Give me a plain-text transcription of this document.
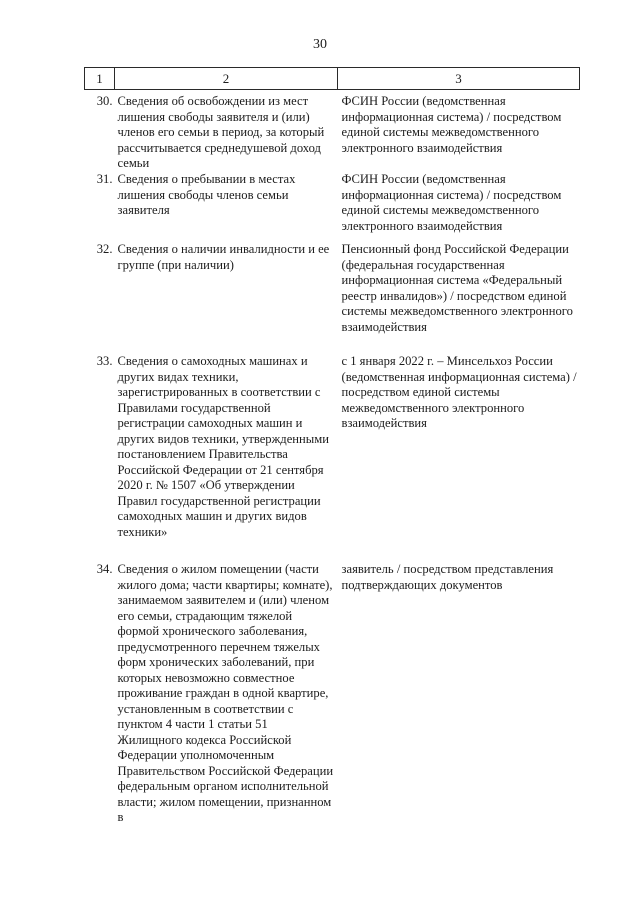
30
1	2	3
30.	Сведения об освобождении из мест лишения свободы заявителя и (или) членов его семьи в период, за который рассчитывается среднедушевой доход семьи	ФСИН России (ведомственная информационная система) / посредством единой системы межведомственного электронного взаимодействия
31.	Сведения о пребывании в местах лишения свободы членов семьи заявителя	ФСИН России (ведомственная информационная система) / посредством единой системы межведомственного электронного взаимодействия
32.	Сведения о наличии инвалидности и ее группе (при наличии)	Пенсионный фонд Российской Федерации (федеральная государственная информационная система «Федеральный реестр инвалидов») / посредством единой системы межведомственного электронного взаимодействия
33.	Сведения о самоходных машинах и других видах техники, зарегистрированных в соответствии с Правилами государственной регистрации самоходных машин и других видов техники, утвержденными постановлением Правительства Российской Федерации от 21 сентября 2020 г. № 1507 «Об утверждении Правил государственной регистрации самоходных машин и других видов техники»	с 1 января 2022 г. – Минсельхоз России (ведомственная информационная система) / посредством единой системы межведомственного электронного взаимодействия
34.	Сведения о жилом помещении (части жилого дома; части квартиры; комнате), занимаемом заявителем и (или) членом его семьи, страдающим тяжелой формой хронического заболевания, предусмотренного перечнем тяжелых форм хронических заболеваний, при которых невозможно совместное проживание граждан в одной квартире, установленным в соответствии с пунктом 4 части 1 статьи 51 Жилищного кодекса Российской Федерации уполномоченным Правительством Российской Федерации федеральным органом исполнительной власти; жилом помещении, признанном в	заявитель / посредством представления подтверждающих документов
